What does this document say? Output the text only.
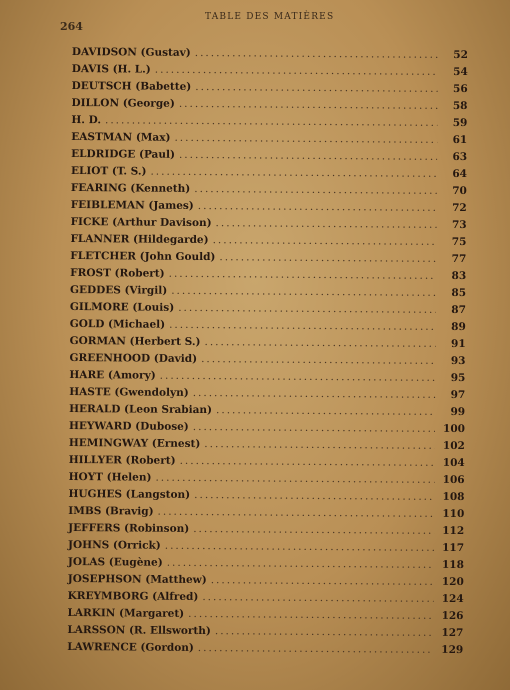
264
TABLE DES MATIÈRES
DAVIDSON (Gustav) .....	52
DAVIS (H. L.) .....	54
DEUTSCH (Babette) .....	56
DILLON (George) .....	58
H. D. .....	59
EASTMAN (Max) .....	61
ELDRIDGE (Paul) .....	63
ELIOT (T. S.) .....	64
FEARING (Kenneth) .....	70
FEIBLEMAN (James) .....	72
FICKE (Arthur Davison) .....	73
FLANNER (Hildegarde) .....	75
FLETCHER (John Gould) .....	77
FROST (Robert) .....	83
GEDDES (Virgil) .....	85
GILMORE (Louis) .....	87
GOLD (Michael) .....	89
GORMAN (Herbert S.) .....	91
GREENHOOD (David) .....	93
HARE (Amory) .....	95
HASTE (Gwendolyn) .....	97
HERALD (Leon Srabian) .....	99
HEYWARD (Dubose) .....	100
HEMINGWAY (Ernest) .....	102
HILLYER (Robert) .....	104
HOYT (Helen) .....	106
HUGHES (Langston) .....	108
IMBS (Bravig) .....	110
JEFFERS (Robinson) .....	112
JOHNS (Orrick) .....	117
JOLAS (Eugène) .....	118
JOSEPHSON (Matthew) .....	120
KREYMBORG (Alfred) .....	124
LARKIN (Margaret) .....	126
LARSSON (R. Ellsworth) .....	127
LAWRENCE (Gordon) .....	129
